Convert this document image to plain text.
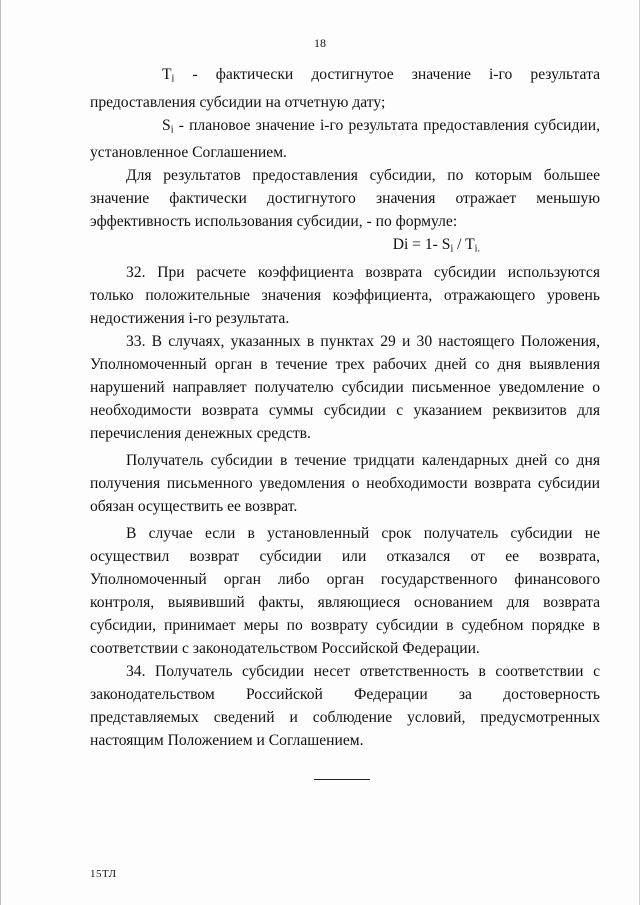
18

$T_i$ - фактически достигнутое значение i-го результата предоставления субсидии на отчетную дату;

$S_i$ - плановое значение i-го результата предоставления субсидии, установленное Соглашением.

Для результатов предоставления субсидии, по которым большее значение фактически достигнутого значения отражает меньшую эффективность использования субсидии, - по формуле:

Di = 1- $S_i / T_{i.}$

32. При расчете коэффициента возврата субсидии используются только положительные значения коэффициента, отражающего уровень недостижения i-го результата.

33. В случаях, указанных в пунктах 29 и 30 настоящего Положения, Уполномоченный орган в течение трех рабочих дней со дня выявления нарушений направляет получателю субсидии письменное уведомление о необходимости возврата суммы субсидии с указанием реквизитов для перечисления денежных средств.

Получатель субсидии в течение тридцати календарных дней со дня получения письменного уведомления о необходимости возврата субсидии обязан осуществить ее возврат.

В случае если в установленный срок получатель субсидии не осуществил возврат субсидии или отказался от ее возврата, Уполномоченный орган либо орган государственного финансового контроля, выявивший факты, являющиеся основанием для возврата субсидии, принимает меры по возврату субсидии в судебном порядке в соответствии с законодательством Российской Федерации.

34. Получатель субсидии несет ответственность в соответствии с законодательством Российской Федерации за достоверность представляемых сведений и соблюдение условий, предусмотренных настоящим Положением и Соглашением.

15ТЛ
